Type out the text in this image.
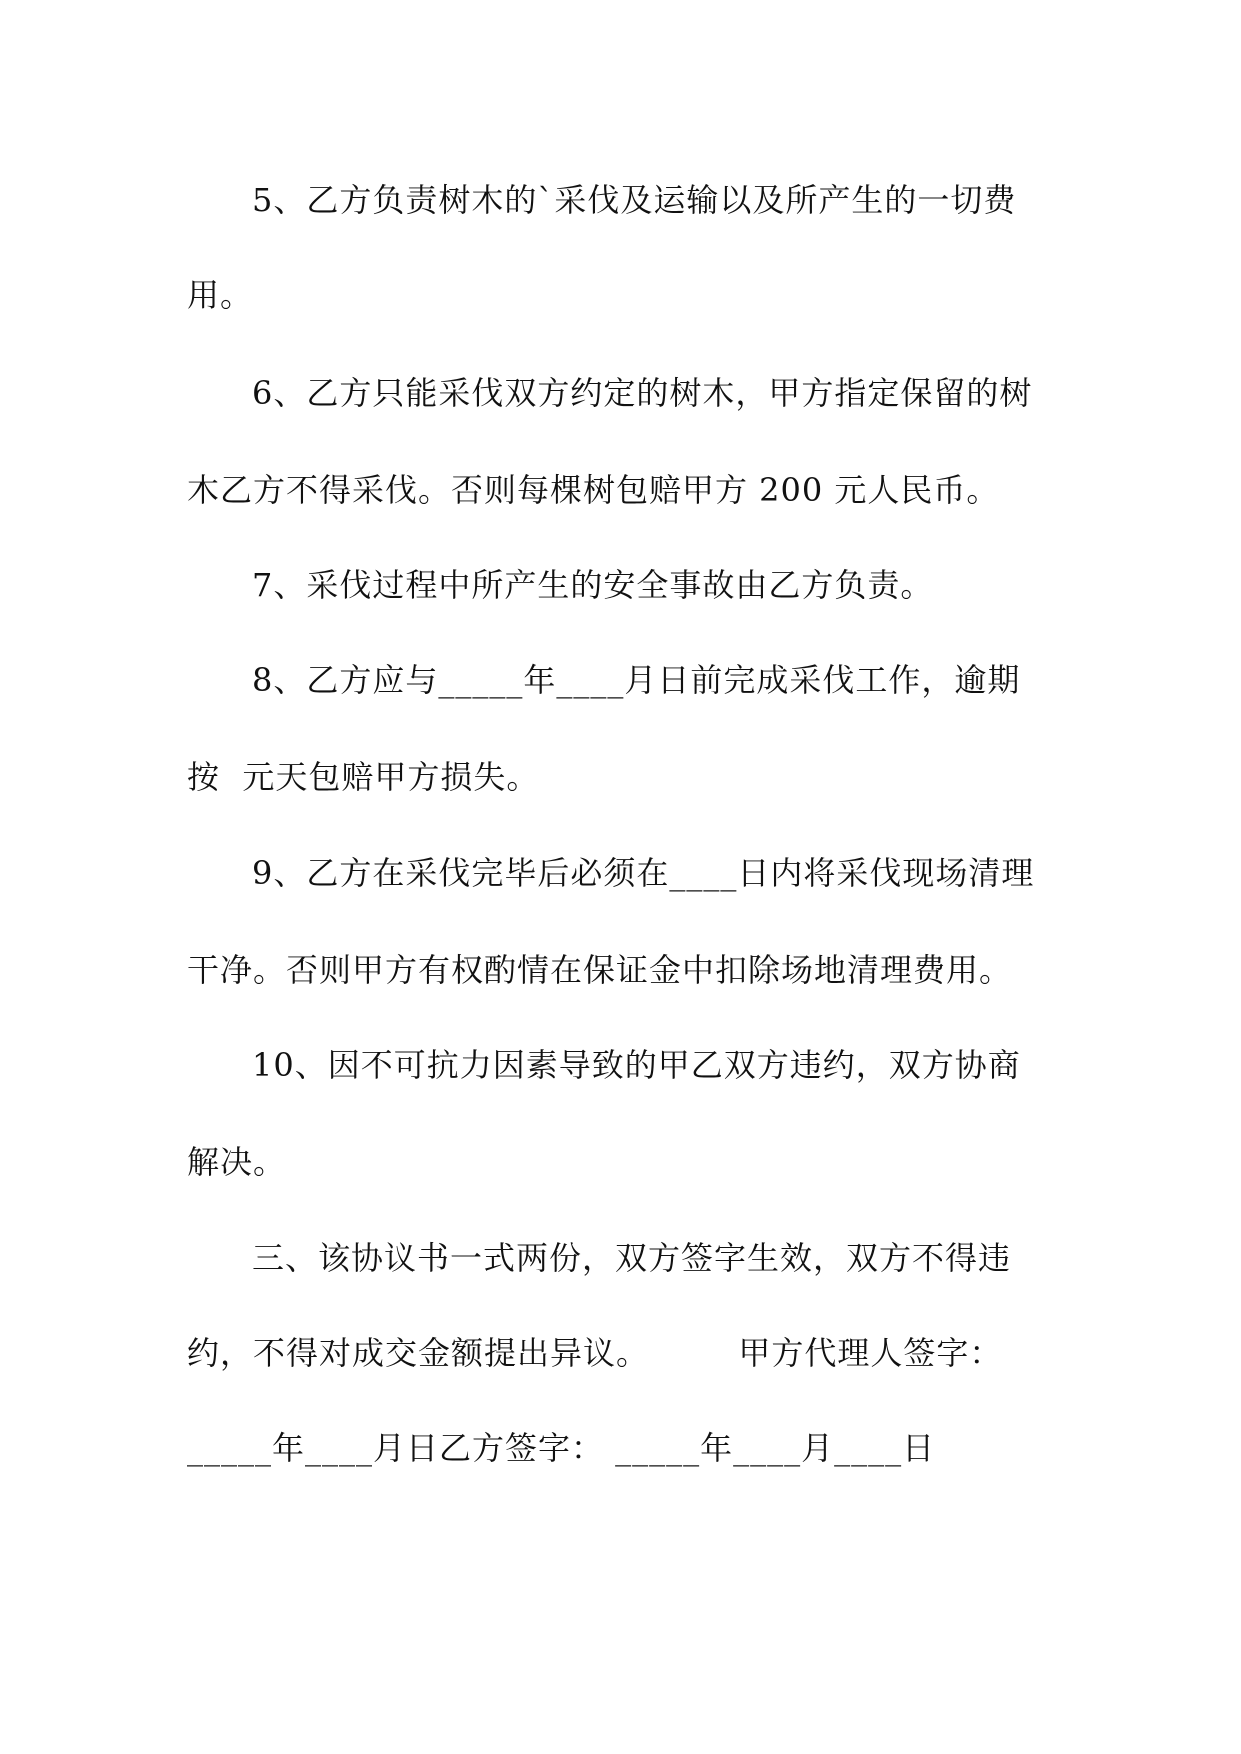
5、乙方负责树木的`采伐及运输以及所产生的一切费
用。
6、乙方只能采伐双方约定的树木，甲方指定保留的树
木乙方不得采伐。否则每棵树包赔甲方 200 元人民币。
7、采伐过程中所产生的安全事故由乙方负责。
8、乙方应与_____年____月日前完成采伐工作，逾期
按  元天包赔甲方损失。
9、乙方在采伐完毕后必须在____日内将采伐现场清理
干净。否则甲方有权酌情在保证金中扣除场地清理费用。
10、因不可抗力因素导致的甲乙双方违约，双方协商
解决。
三、该协议书一式两份，双方签字生效，双方不得违
约，不得对成交金额提出异议。        甲方代理人签字：
_____年____月日乙方签字： _____年____月____日
